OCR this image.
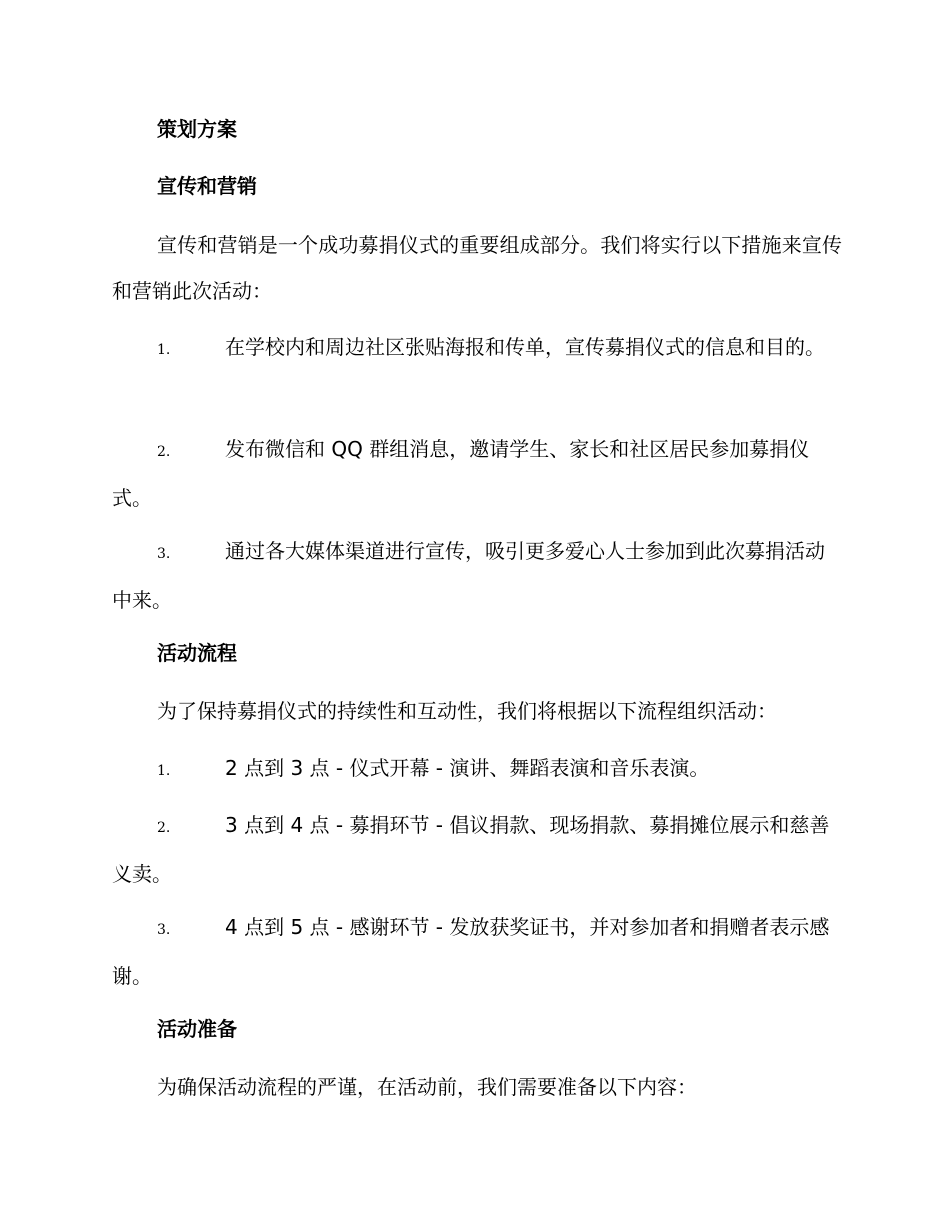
策划方案
宣传和营销
宣传和营销是一个成功募捐仪式的重要组成部分。我们将实行以下措施来宣传和营销此次活动：
1.	在学校内和周边社区张贴海报和传单，宣传募捐仪式的信息和目的。
2.	发布微信和 QQ 群组消息，邀请学生、家长和社区居民参加募捐仪式。
3.	通过各大媒体渠道进行宣传，吸引更多爱心人士参加到此次募捐活动中来。
活动流程
为了保持募捐仪式的持续性和互动性，我们将根据以下流程组织活动：
1.	2 点到 3 点 - 仪式开幕 - 演讲、舞蹈表演和音乐表演。
2.	3 点到 4 点 - 募捐环节 - 倡议捐款、现场捐款、募捐摊位展示和慈善义卖。
3.	4 点到 5 点 - 感谢环节 - 发放获奖证书，并对参加者和捐赠者表示感谢。
活动准备
为确保活动流程的严谨，在活动前，我们需要准备以下内容：
